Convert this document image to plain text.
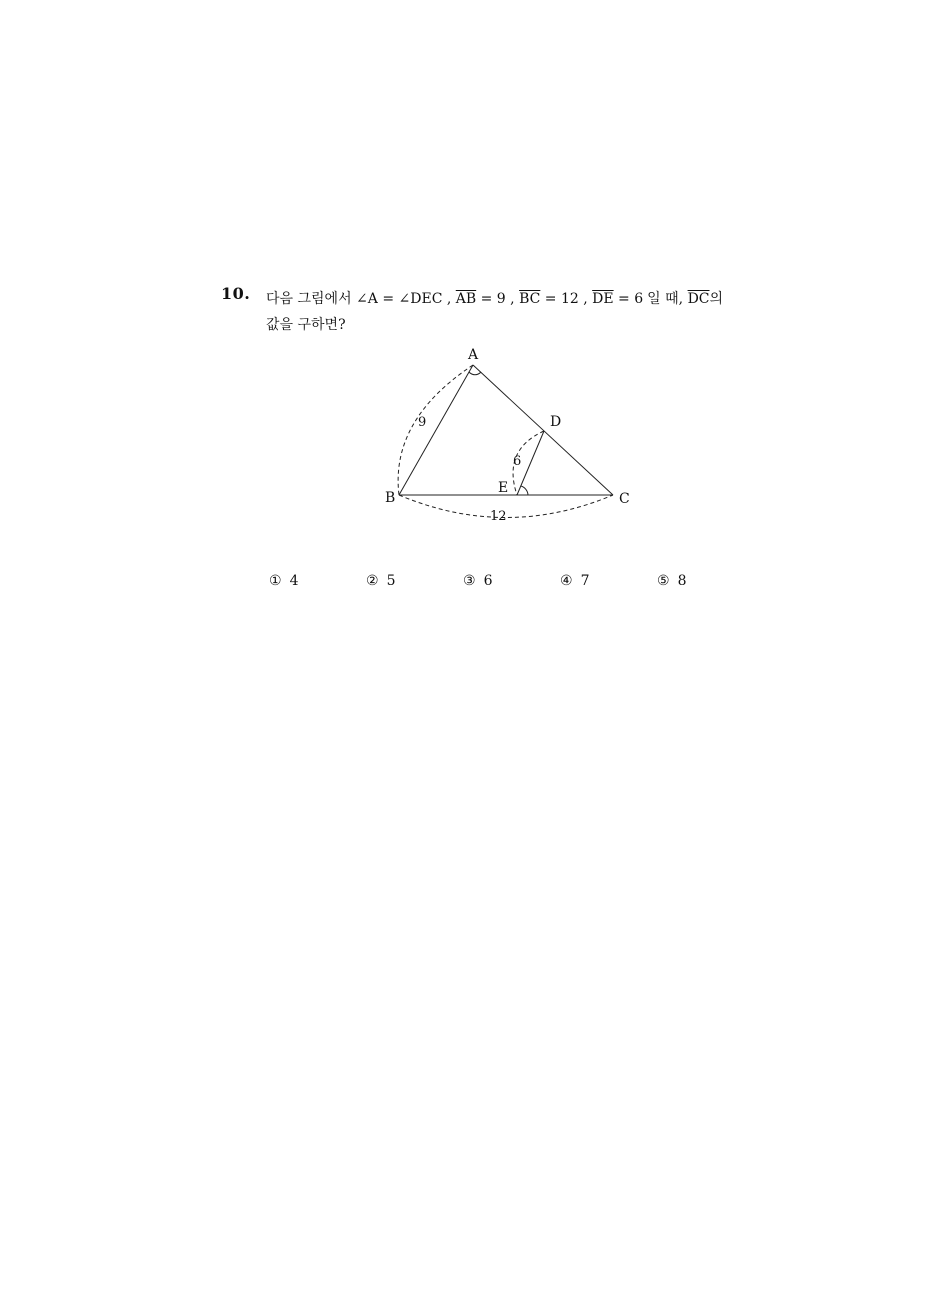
10. 다음 그림에서 ∠A = ∠DEC , $\overline{AB} = 9$ , $\overline{BC} = 12$ , $\overline{DE} = 6$ 일 때, $\overline{DC}$의
값을 구하면?
A
B	C
D
E
9
6
12
① 4	② 5	③ 6	④ 7	⑤ 8
